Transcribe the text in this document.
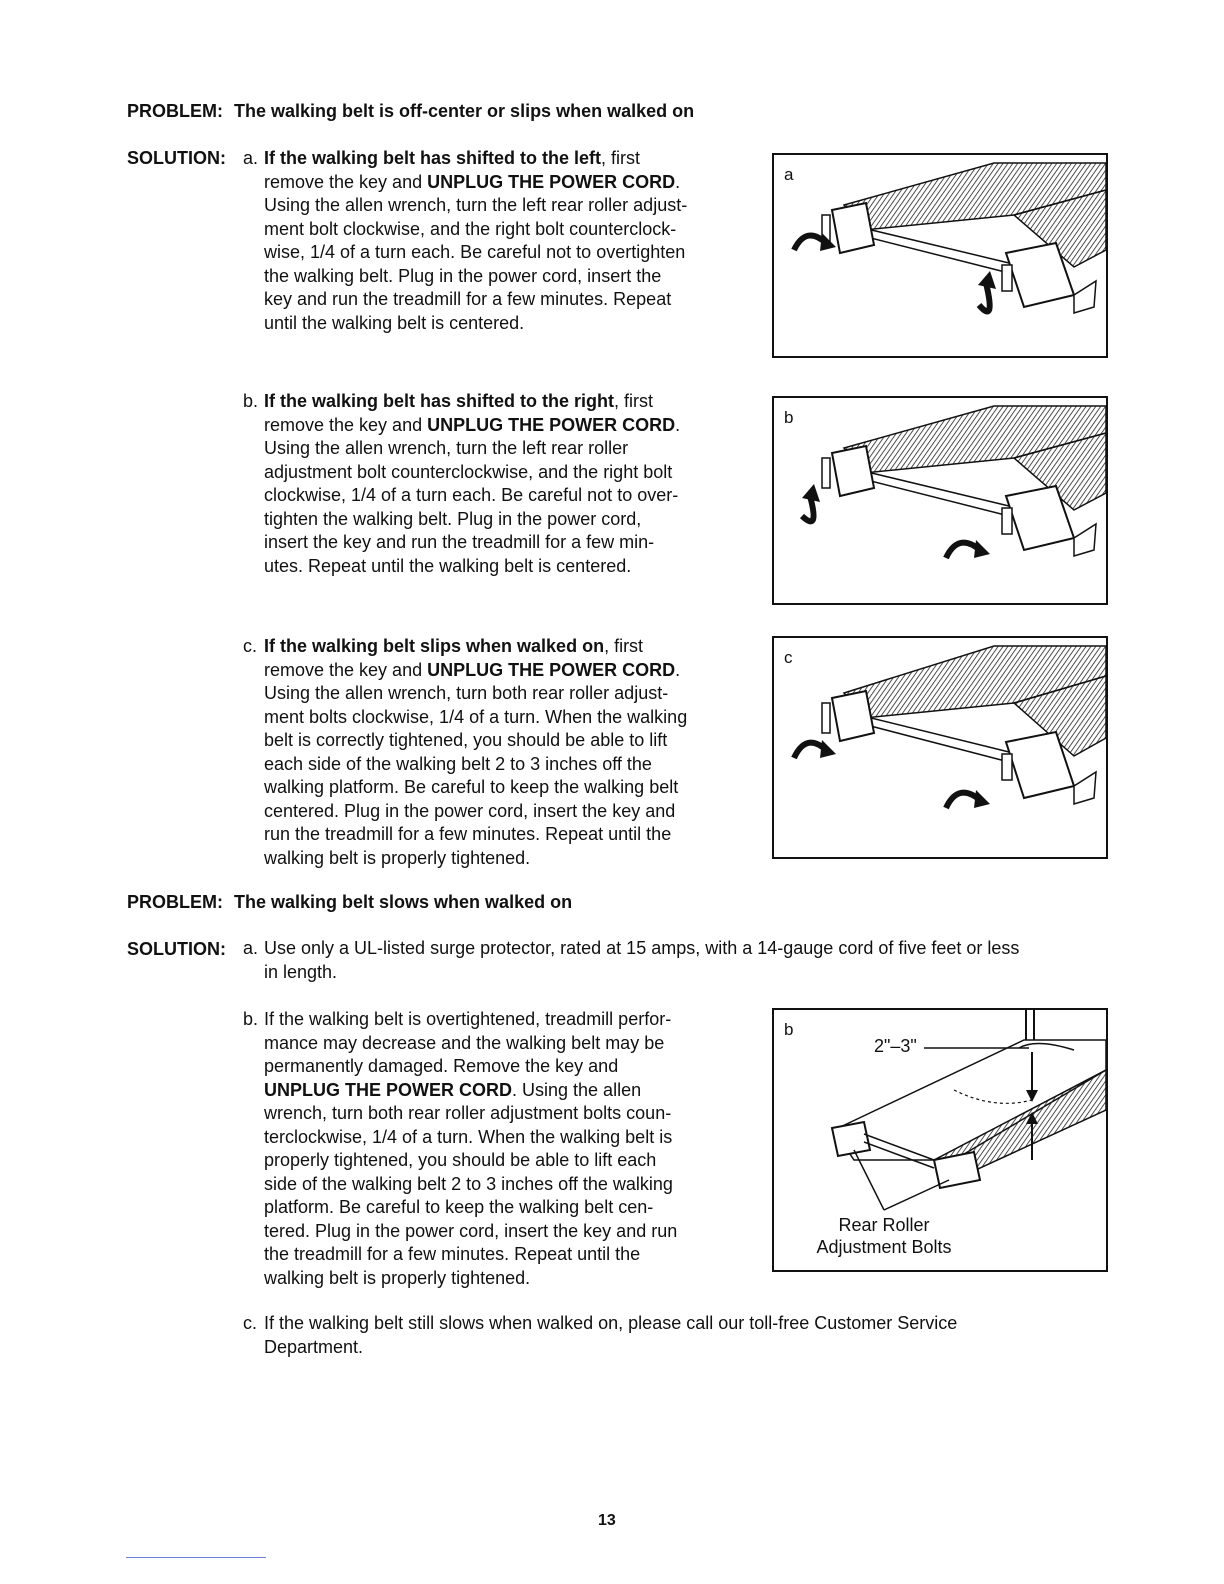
PROBLEM: The walking belt is off-center or slips when walked on
SOLUTION: a. If the walking belt has shifted to the left, first
remove the key and UNPLUG THE POWER CORD.
Using the allen wrench, turn the left rear roller adjust-
ment bolt clockwise, and the right bolt counterclock-
wise, 1/4 of a turn each. Be careful not to overtighten
the walking belt. Plug in the power cord, insert the
key and run the treadmill for a few minutes. Repeat
until the walking belt is centered.
b. If the walking belt has shifted to the right, first
remove the key and UNPLUG THE POWER CORD.
Using the allen wrench, turn the left rear roller
adjustment bolt counterclockwise, and the right bolt
clockwise, 1/4 of a turn each. Be careful not to over-
tighten the walking belt. Plug in the power cord,
insert the key and run the treadmill for a few min-
utes. Repeat until the walking belt is centered.
c. If the walking belt slips when walked on, first
remove the key and UNPLUG THE POWER CORD.
Using the allen wrench, turn both rear roller adjust-
ment bolts clockwise, 1/4 of a turn. When the walking
belt is correctly tightened, you should be able to lift
each side of the walking belt 2 to 3 inches off the
walking platform. Be careful to keep the walking belt
centered. Plug in the power cord, insert the key and
run the treadmill for a few minutes. Repeat until the
walking belt is properly tightened.
a
b
c
PROBLEM: The walking belt slows when walked on
SOLUTION: a. Use only a UL-listed surge protector, rated at 15 amps, with a 14-gauge cord of five feet or less
in length.
b. If the walking belt is overtightened, treadmill perfor-
mance may decrease and the walking belt may be
permanently damaged. Remove the key and
UNPLUG THE POWER CORD. Using the allen
wrench, turn both rear roller adjustment bolts coun-
terclockwise, 1/4 of a turn. When the walking belt is
properly tightened, you should be able to lift each
side of the walking belt 2 to 3 inches off the walking
platform. Be careful to keep the walking belt cen-
tered. Plug in the power cord, insert the key and run
the treadmill for a few minutes. Repeat until the
walking belt is properly tightened.
b
2"–3"
Rear Roller
Adjustment Bolts
c. If the walking belt still slows when walked on, please call our toll-free Customer Service
Department.
13
